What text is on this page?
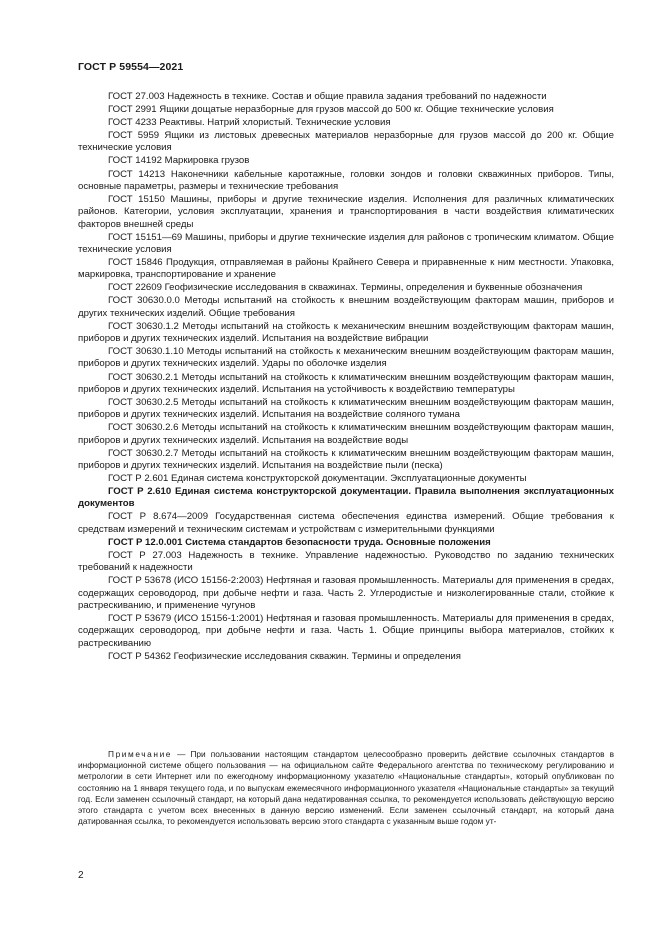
ГОСТ Р 59554—2021

ГОСТ 27.003 Надежность в технике. Состав и общие правила задания требований по надежности

ГОСТ 2991 Ящики дощатые неразборные для грузов массой до 500 кг. Общие технические условия

ГОСТ 4233 Реактивы. Натрий хлористый. Технические условия

ГОСТ 5959 Ящики из листовых древесных материалов неразборные для грузов массой до 200 кг. Общие технические условия

ГОСТ 14192 Маркировка грузов

ГОСТ 14213 Наконечники кабельные каротажные, головки зондов и головки скважинных приборов. Типы, основные параметры, размеры и технические требования

ГОСТ 15150 Машины, приборы и другие технические изделия. Исполнения для различных климатических районов. Категории, условия эксплуатации, хранения и транспортирования в части воздействия климатических факторов внешней среды

ГОСТ 15151—69 Машины, приборы и другие технические изделия для районов с тропическим климатом. Общие технические условия

ГОСТ 15846 Продукция, отправляемая в районы Крайнего Севера и приравненные к ним местности. Упаковка, маркировка, транспортирование и хранение

ГОСТ 22609 Геофизические исследования в скважинах. Термины, определения и буквенные обозначения

ГОСТ 30630.0.0 Методы испытаний на стойкость к внешним воздействующим факторам машин, приборов и других технических изделий. Общие требования

ГОСТ 30630.1.2 Методы испытаний на стойкость к механическим внешним воздействующим факторам машин, приборов и других технических изделий. Испытания на воздействие вибрации

ГОСТ 30630.1.10 Методы испытаний на стойкость к механическим внешним воздействующим факторам машин, приборов и других технических изделий. Удары по оболочке изделия

ГОСТ 30630.2.1 Методы испытаний на стойкость к климатическим внешним воздействующим факторам машин, приборов и других технических изделий. Испытания на устойчивость к воздействию температуры

ГОСТ 30630.2.5 Методы испытаний на стойкость к климатическим внешним воздействующим факторам машин, приборов и других технических изделий. Испытания на воздействие соляного тумана

ГОСТ 30630.2.6 Методы испытаний на стойкость к климатическим внешним воздействующим факторам машин, приборов и других технических изделий. Испытания на воздействие воды

ГОСТ 30630.2.7 Методы испытаний на стойкость к климатическим внешним воздействующим факторам машин, приборов и других технических изделий. Испытания на воздействие пыли (песка)

ГОСТ Р 2.601 Единая система конструкторской документации. Эксплуатационные документы

ГОСТ Р 2.610 Единая система конструкторской документации. Правила выполнения эксплуатационных документов

ГОСТ Р 8.674—2009 Государственная система обеспечения единства измерений. Общие требования к средствам измерений и техническим системам и устройствам с измерительными функциями

ГОСТ Р 12.0.001 Система стандартов безопасности труда. Основные положения

ГОСТ Р 27.003 Надежность в технике. Управление надежностью. Руководство по заданию технических требований к надежности

ГОСТ Р 53678 (ИСО 15156-2:2003) Нефтяная и газовая промышленность. Материалы для применения в средах, содержащих сероводород, при добыче нефти и газа. Часть 2. Углеродистые и низколегированные стали, стойкие к растрескиванию, и применение чугунов

ГОСТ Р 53679 (ИСО 15156-1:2001) Нефтяная и газовая промышленность. Материалы для применения в средах, содержащих сероводород, при добыче нефти и газа. Часть 1. Общие принципы выбора материалов, стойких к растрескиванию

ГОСТ Р 54362 Геофизические исследования скважин. Термины и определения

Примечание — При пользовании настоящим стандартом целесообразно проверить действие ссылочных стандартов в информационной системе общего пользования — на официальном сайте Федерального агентства по техническому регулированию и метрологии в сети Интернет или по ежегодному информационному указателю «Национальные стандарты», который опубликован по состоянию на 1 января текущего года, и по выпускам ежемесячного информационного указателя «Национальные стандарты» за текущий год. Если заменен ссылочный стандарт, на который дана недатированная ссылка, то рекомендуется использовать действующую версию этого стандарта с учетом всех внесенных в данную версию изменений. Если заменен ссылочный стандарт, на который дана датированная ссылка, то рекомендуется использовать версию этого стандарта с указанным выше годом ут-

2
